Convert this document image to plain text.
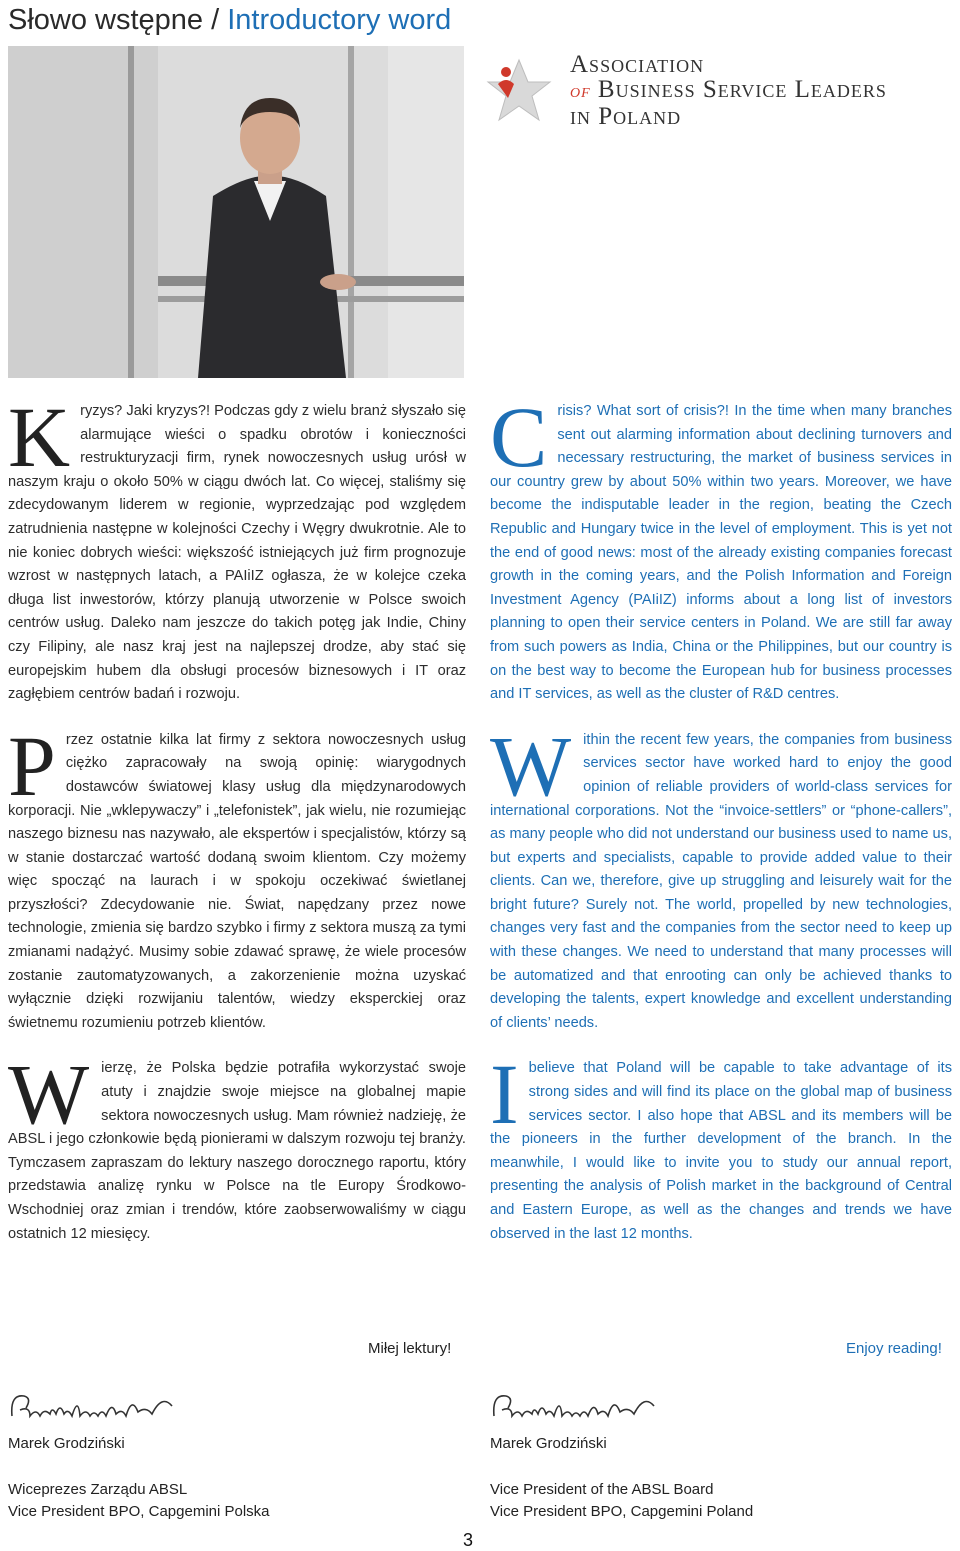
Słowo wstępne / Introductory word
Association
of Business Service Leaders
in Poland

Kryzys? Jaki kryzys?! Podczas gdy z wielu branż słyszało się alarmujące wieści o spadku obrotów i konieczności restrukturyzacji firm, rynek nowoczesnych usług urósł w naszym kraju o około 50% w ciągu dwóch lat. Co więcej, staliśmy się zdecydowanym liderem w regionie, wyprzedzając pod względem zatrudnienia następne w kolejności Czechy i Węgry dwukrotnie. Ale to nie koniec dobrych wieści: większość istniejących już firm prognozuje wzrost w następnych latach, a PAIiIZ ogłasza, że w kolejce czeka długa list inwestorów, którzy planują utworzenie w Polsce swoich centrów usług. Daleko nam jeszcze do takich potęg jak Indie, Chiny czy Filipiny, ale nasz kraj jest na najlepszej drodze, aby stać się europejskim hubem dla obsługi procesów biznesowych i IT oraz zagłębiem centrów badań i rozwoju.

Przez ostatnie kilka lat firmy z sektora nowoczesnych usług ciężko zapracowały na swoją opinię: wiarygodnych dostawców światowej klasy usług dla międzynarodowych korporacji. Nie „wklepywaczy” i „telefonistek”, jak wielu, nie rozumiejąc naszego biznesu nas nazywało, ale ekspertów i specjalistów, którzy są w stanie dostarczać wartość dodaną swoim klientom. Czy możemy więc spocząć na laurach i w spokoju oczekiwać świetlanej przyszłości? Zdecydowanie nie. Świat, napędzany przez nowe technologie, zmienia się bardzo szybko i firmy z sektora muszą za tymi zmianami nadążyć. Musimy sobie zdawać sprawę, że wiele procesów zostanie zautomatyzowanych, a zakorzenienie można uzyskać wyłącznie dzięki rozwijaniu talentów, wiedzy eksperckiej oraz świetnemu rozumieniu potrzeb klientów.

Wierzę, że Polska będzie potrafiła wykorzystać swoje atuty i znajdzie swoje miejsce na globalnej mapie sektora nowoczesnych usług. Mam również nadzieję, że ABSL i jego członkowie będą pionierami w dalszym rozwoju tej branży. Tymczasem zapraszam do lektury naszego dorocznego raportu, który przedstawia analizę rynku w Polsce na tle Europy Środkowo-Wschodniej oraz zmian i trendów, które zaobserwowaliśmy w ciągu ostatnich 12 miesięcy.

Crisis? What sort of crisis?! In the time when many branches sent out alarming information about declining turnovers and necessary restructuring, the market of business services in our country grew by about 50% within two years. Moreover, we have become the indisputable leader in the region, beating the Czech Republic and Hungary twice in the level of employment. This is yet not the end of good news: most of the already existing companies forecast growth in the coming years, and the Polish Information and Foreign Investment Agency (PAIiIZ) informs about a long list of investors planning to open their service centers in Poland. We are still far away from such powers as India, China or the Philippines, but our country is on the best way to become the European hub for business processes and IT services, as well as the cluster of R&D centres.

Within the recent few years, the companies from business services sector have worked hard to enjoy the good opinion of reliable providers of world-class services for international corporations. Not the “invoice-settlers” or “phone-callers”, as many people who did not understand our business used to name us, but experts and specialists, capable to provide added value to their clients. Can we, therefore, give up struggling and leisurely wait for the bright future? Surely not. The world, propelled by new technologies, changes very fast and the companies from the sector need to keep up with these changes. We need to understand that many processes will be automatized and that enrooting can only be achieved thanks to developing the talents, expert knowledge and excellent understanding of clients’ needs.

Ibelieve that Poland will be capable to take advantage of its strong sides and will find its place on the global map of business services sector. I also hope that ABSL and its members will be the pioneers in the further development of the branch. In the meanwhile, I would like to invite you to study our annual report, presenting the analysis of Polish market in the background of Central and Eastern Europe, as well as the changes and trends we have observed in the last 12 months.

Miłej lektury!	Enjoy reading!
Marek Grodziński
Wiceprezes Zarządu ABSL
Vice President BPO, Capgemini Polska
Marek Grodziński
Vice President of the ABSL Board
Vice President BPO, Capgemini Poland
3
